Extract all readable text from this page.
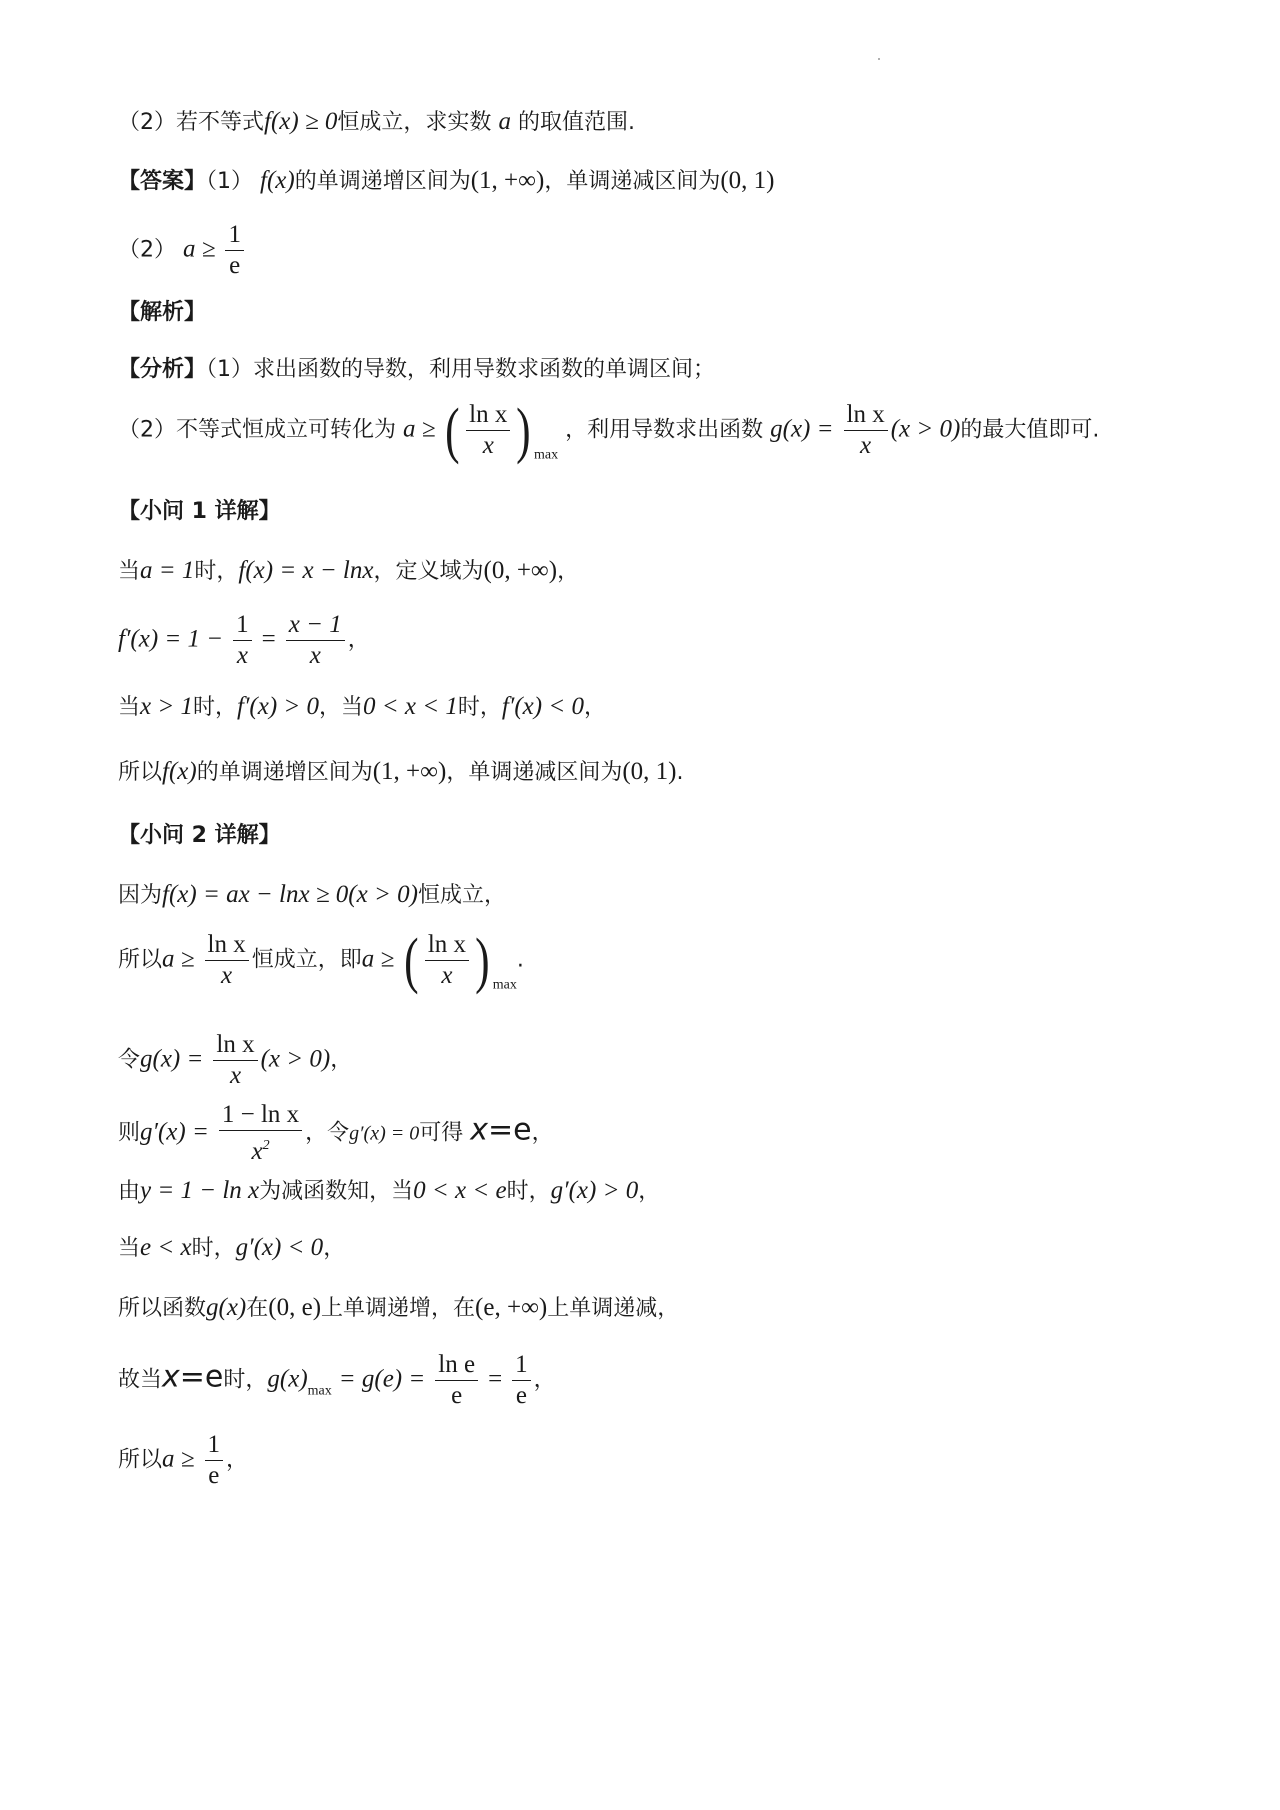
（2）若不等式f(x) ≥ 0恒成立，求实数 a 的取值范围.
【答案】（1） f(x)的单调递增区间为(1, +∞)，单调递减区间为(0, 1)
（2） $a \ge \frac{1}{e}$
【解析】
【分析】（1）求出函数的导数，利用导数求函数的单调区间；
（2）不等式恒成立可转化为 a ≥ ( $\frac{\text{ln x}}{x}$ ) $_{max}$ ，利用导数求出函数 $g(x) = \frac{\text{ln x}}{x} (x > 0)$的最大值即可.
【小问 1 详解】
当a = 1时，f(x) = x − lnx，定义域为(0, +∞)，
$f'(x) = 1 - \frac{1}{x} = \frac{x - 1}{x}$ ，
当x > 1时，f′(x) > 0，当0 < x < 1时，f′(x) < 0，
所以f(x)的单调递增区间为(1, +∞)，单调递减区间为(0, 1).
【小问 2 详解】
因为f(x) = ax − lnx ≥ 0(x > 0)恒成立，
所以$a \ge \frac{\text{ln x}}{x}$ 恒成立，即a ≥ ( $\frac{\text{ln x}}{x}$ ) $_{max}$.
令$g(x) = \frac{\text{ln x}}{x} (x > 0)$，
则$g'(x) = \frac{\text{1 − ln x}}{x^2}$ ，令g′(x) = 0可得 x=e，
由y = 1 − ln x为减函数知，当0 < x < e时，g′(x) > 0，
当e < x时，g′(x) < 0，
所以函数g(x)在(0, e)上单调递增，在(e, +∞)上单调递减，
故当x=e时，$g(x)_{max} = g(e) = \frac{\text{ln e}}{e} = \frac{1}{e}$ ，
所以$a \ge \frac{1}{e}$ ，
